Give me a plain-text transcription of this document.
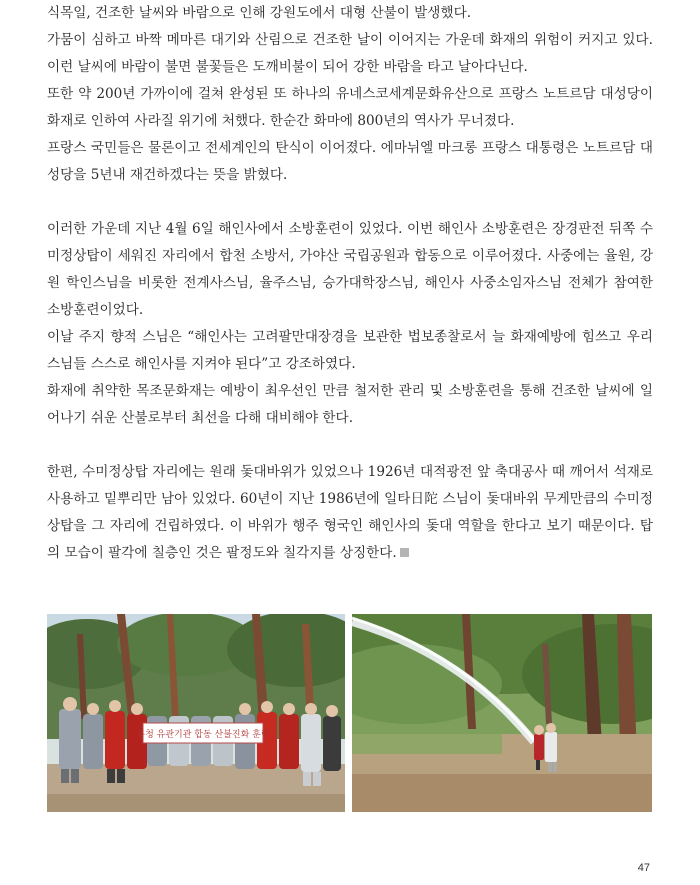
식목일, 건조한 날씨와 바람으로 인해 강원도에서 대형 산불이 발생했다.

가뭄이 심하고 바짝 메마른 대기와 산림으로 건조한 날이 이어지는 가운데 화재의 위험이 커지고 있다. 이런 날씨에 바람이 불면 불꽃들은 도깨비불이 되어 강한 바람을 타고 날아다닌다.

또한 약 200년 가까이에 걸쳐 완성된 또 하나의 유네스코세계문화유산으로 프랑스 노트르담 대성당이 화재로 인하여 사라질 위기에 처했다. 한순간 화마에 800년의 역사가 무너졌다.

프랑스 국민들은 물론이고 전세계인의 탄식이 이어졌다. 에마뉘엘 마크롱 프랑스 대통령은 노트르담 대성당을 5년내 재건하겠다는 뜻을 밝혔다.

이러한 가운데 지난 4월 6일 해인사에서 소방훈련이 있었다. 이번 해인사 소방훈련은 장경판전 뒤쪽 수미정상탑이 세워진 자리에서 합천 소방서, 가야산 국립공원과 합동으로 이루어졌다. 사중에는 율원, 강원 학인스님을 비롯한 전계사스님, 율주스님, 승가대학장스님, 해인사 사중소임자스님 전체가 참여한 소방훈련이었다.

이날 주지 향적 스님은 “해인사는 고려팔만대장경을 보관한 법보종찰로서 늘 화재예방에 힘쓰고 우리 스님들 스스로 해인사를 지켜야 된다”고 강조하였다.

화재에 취약한 목조문화재는 예방이 최우선인 만큼 철저한 관리 및 소방훈련을 통해 건조한 날씨에 일어나기 쉬운 산불로부터 최선을 다해 대비해야 한다.

한편, 수미정상탑 자리에는 원래 돛대바위가 있었으나 1926년 대적광전 앞 축대공사 때 깨어서 석재로 사용하고 밑뿌리만 남아 있었다. 60년이 지난 1986년에 일타日陀 스님이 돛대바위 무게만큼의 수미정상탑을 그 자리에 건립하였다. 이 바위가 행주 형국인 해인사의 돛대 역할을 한다고 보기 때문이다. 탑의 모습이 팔각에 칠층인 것은 팔정도와 칠각지를 상징한다.

봉청 유관기관 합동 산불진화 훈련
47
